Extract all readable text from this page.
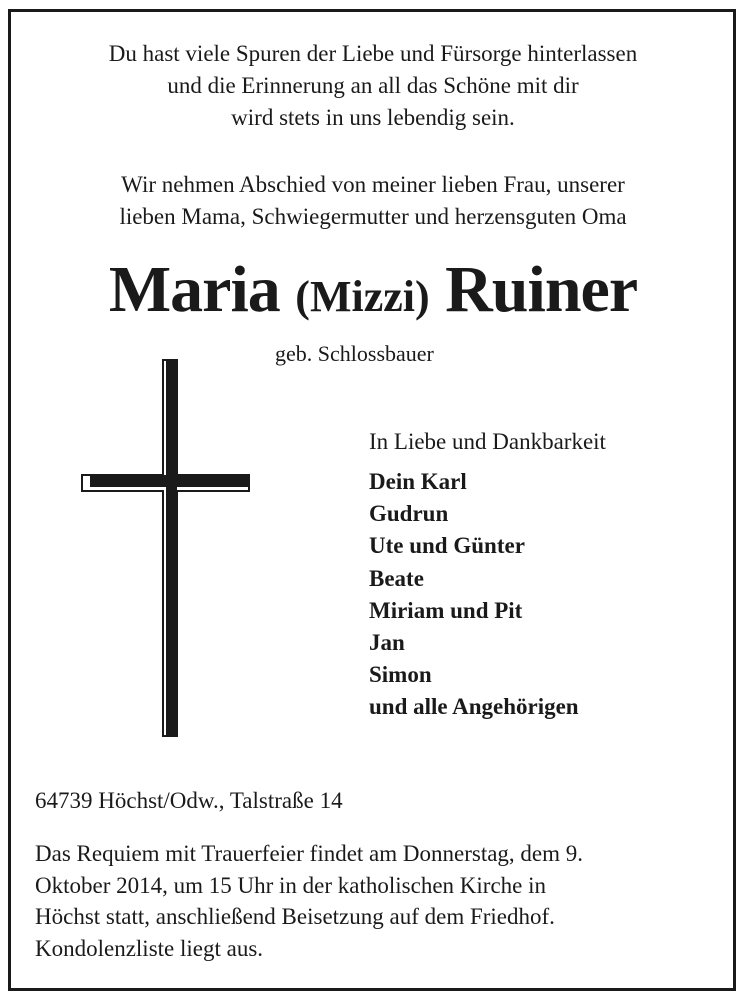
Du hast viele Spuren der Liebe und Fürsorge hinterlassen
und die Erinnerung an all das Schöne mit dir
wird stets in uns lebendig sein.
Wir nehmen Abschied von meiner lieben Frau, unserer
lieben Mama, Schwiegermutter und herzensguten Oma
Maria (Mizzi) Ruiner
geb. Schlossbauer
In Liebe und Dankbarkeit
Dein Karl
Gudrun
Ute und Günter
Beate
Miriam und Pit
Jan
Simon
und alle Angehörigen
64739 Höchst/Odw., Talstraße 14
Das Requiem mit Trauerfeier findet am Donnerstag, dem 9.
Oktober 2014, um 15 Uhr in der katholischen Kirche in
Höchst statt, anschließend Beisetzung auf dem Friedhof.
Kondolenzliste liegt aus.
